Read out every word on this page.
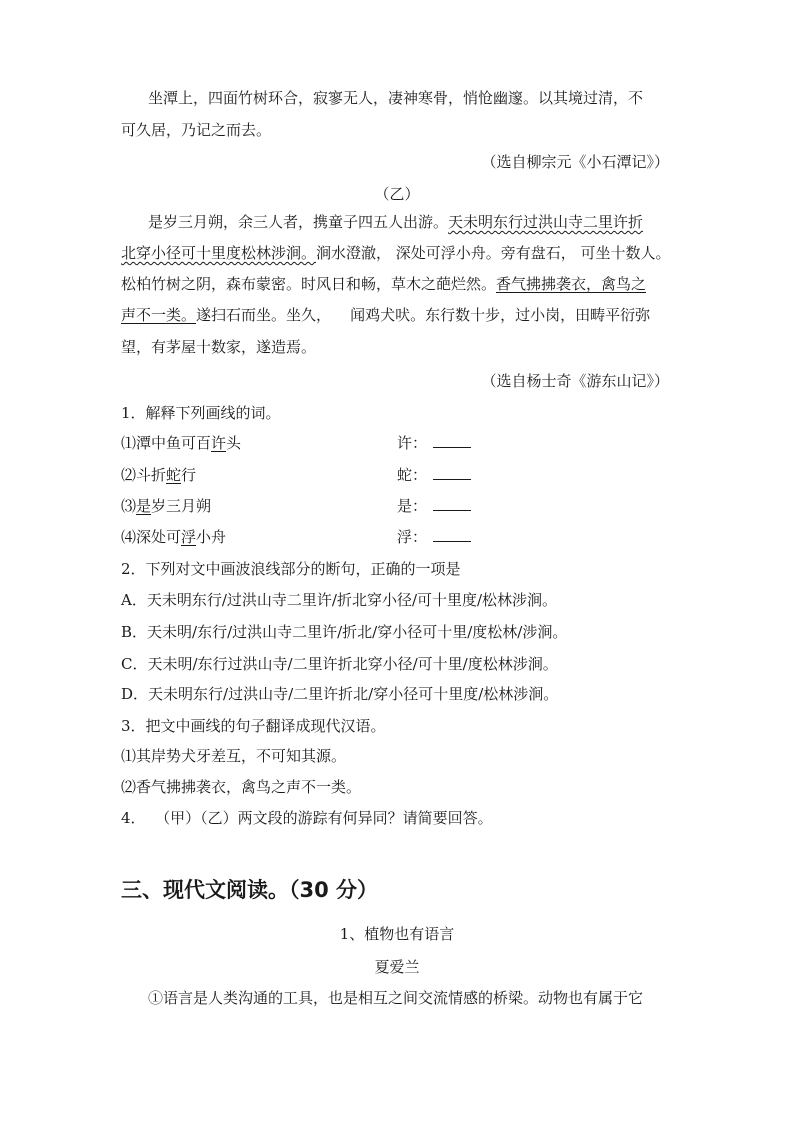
坐潭上，四面竹树环合，寂寥无人，凄神寒骨，悄怆幽邃。以其境过清，不
可久居，乃记之而去。
（选自柳宗元《小石潭记》）
（乙）
是岁三月朔，余三人者，携童子四五人出游。天未明东行过洪山寺二里许折
北穿小径可十里度松林涉涧。涧水澄澈， 深处可浮小舟。旁有盘石， 可坐十数人。
松柏竹树之阴，森布蒙密。时风日和畅，草木之葩烂然。香气拂拂袭衣，禽鸟之
声不一类。遂扫石而坐。坐久，    闻鸡犬吠。东行数十步，过小岗，田畴平衍弥
望，有茅屋十数家，遂造焉。
（选自杨士奇《游东山记》）
1．解释下列画线的词。
⑴潭中鱼可百许头	许：
⑵斗折蛇行	蛇：
⑶是岁三月朔	是：
⑷深处可浮小舟	浮：
2．下列对文中画波浪线部分的断句，正确的一项是
A．天未明东行/过洪山寺二里许/折北穿小径/可十里度/松林涉涧。
B．天未明/东行/过洪山寺二里许/折北/穿小径可十里/度松林/涉涧。
C．天未明/东行过洪山寺/二里许折北穿小径/可十里/度松林涉涧。
D．天未明东行/过洪山寺/二里许折北/穿小径可十里度/松林涉涧。
3．把文中画线的句子翻译成现代汉语。
⑴其岸势犬牙差互，不可知其源。
⑵香气拂拂袭衣，禽鸟之声不一类。
4．  （甲）（乙）两文段的游踪有何异同？请简要回答。
三、现代文阅读。（30 分）
1、植物也有语言
夏爱兰
①语言是人类沟通的工具，也是相互之间交流情感的桥梁。动物也有属于它
